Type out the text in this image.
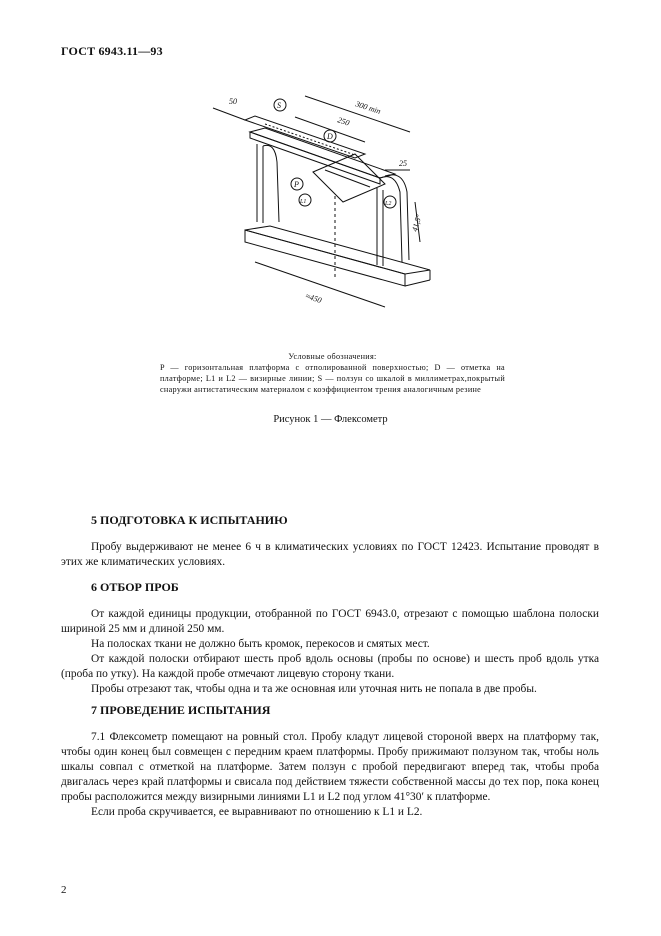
ГОСТ 6943.11—93
50	300 min
250
25
41,5°
≈450
S
D
P
L1	L2
Условные обозначения:
P — горизонтальная платформа с отполированной поверхностью; D — отметка на платформе; L1 и L2 — визирные линии; S — ползун со шкалой в миллиметрах,покрытый снаружи антистатическим материалом с коэффициентом трения аналогичным резине
Рисунок 1 — Флексометр
5 ПОДГОТОВКА К ИСПЫТАНИЮ

Пробу выдерживают не менее 6 ч в климатических условиях по ГОСТ 12423. Испытание проводят в этих же климатических условиях.

6 ОТБОР ПРОБ

От каждой единицы продукции, отобранной по ГОСТ 6943.0, отрезают с помощью шаблона полоски шириной 25 мм и длиной 250 мм.

На полосках ткани не должно быть кромок, перекосов и смятых мест.

От каждой полоски отбирают шесть проб вдоль основы (пробы по основе) и шесть проб вдоль утка (проба по утку). На каждой пробе отмечают лицевую сторону ткани.

Пробы отрезают так, чтобы одна и та же основная или уточная нить не попала в две пробы.

7 ПРОВЕДЕНИЕ ИСПЫТАНИЯ

7.1 Флексометр помещают на ровный стол. Пробу кладут лицевой стороной вверх на платформу так, чтобы один конец был совмещен с передним краем платформы. Пробу прижимают ползуном так, чтобы ноль шкалы совпал с отметкой на платформе. Затем ползун с пробой передвигают вперед так, чтобы проба двигалась через край платформы и свисала под действием тяжести собственной массы до тех пор, пока конец пробы расположится между визирными линиями L1 и L2 под углом 41°30′ к платформе.

Если проба скручивается, ее выравнивают по отношению к L1 и L2.

2
